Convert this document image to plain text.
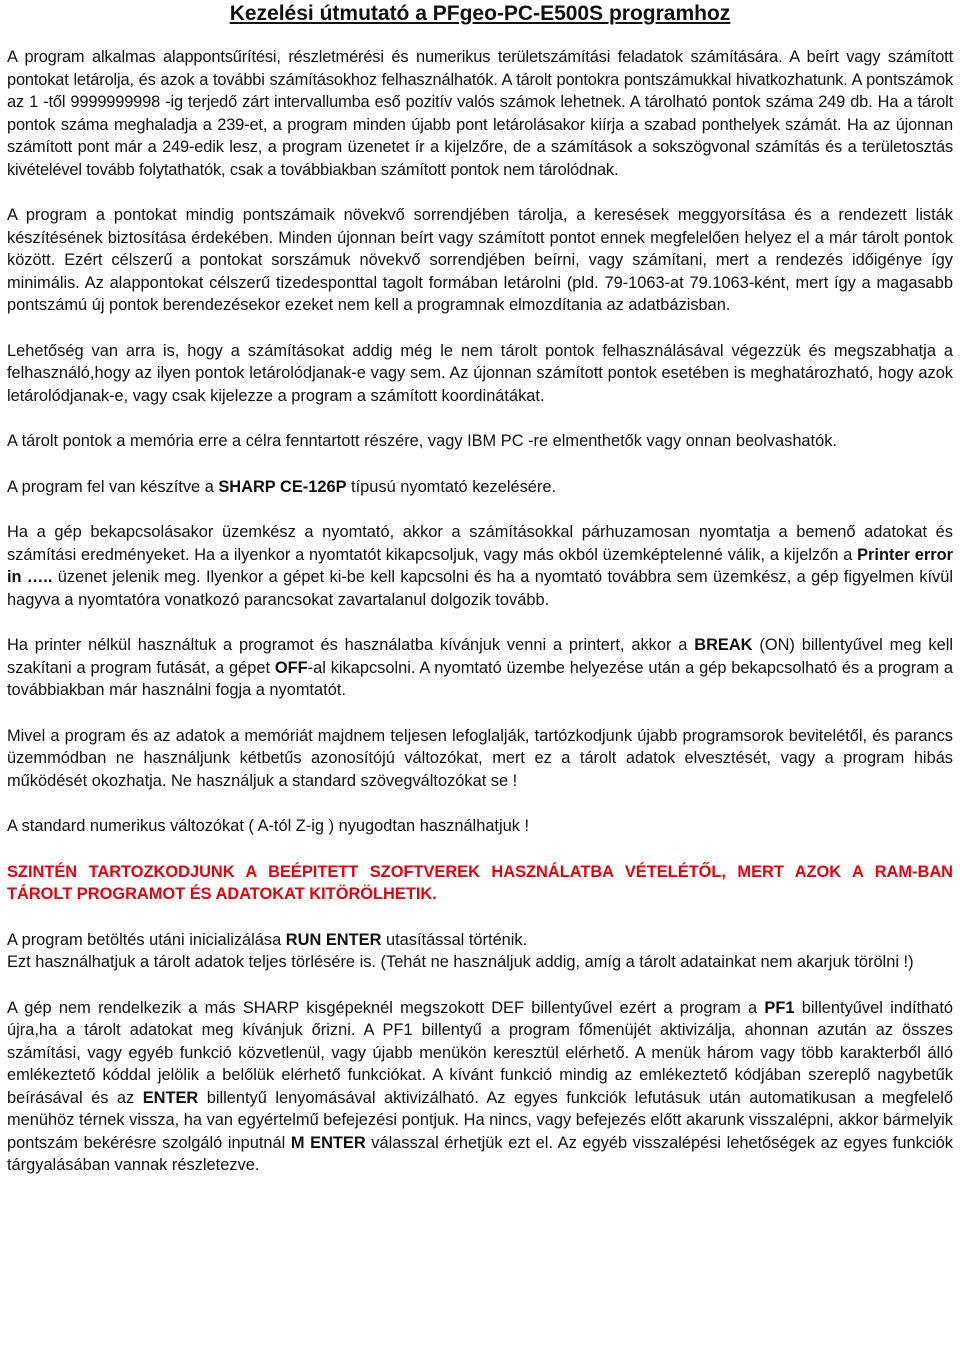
Kezelési útmutató a PFgeo-PC-E500S programhoz
A program alkalmas alappontsűrítési, részletmérési és numerikus területszámítási feladatok számítására. A beírt vagy számított pontokat letárolja, és azok a további számításokhoz felhasználhatók. A tárolt pontokra pontszámukkal hivatkozhatunk. A pontszámok az 1 -től 9999999998 -ig terjedő zárt intervallumba eső pozitív valós számok lehetnek. A tárolható pontok száma 249 db. Ha a tárolt pontok száma meghaladja a 239-et, a program minden újabb pont letárolásakor kiírja a szabad ponthelyek számát. Ha az újonnan számított pont már a 249-edik lesz, a program üzenetet ír a kijelzőre, de a számítások a sokszögvonal számítás és a területosztás kivételével tovább folytathatók, csak a továbbiakban számított pontok nem tárolódnak.
A program a pontokat mindig pontszámaik növekvő sorrendjében tárolja, a keresések meggyorsítása és a rendezett listák készítésének biztosítása érdekében. Minden újonnan beírt vagy számított pontot ennek megfelelően helyez el a már tárolt pontok között. Ezért célszerű a pontokat sorszámuk növekvő sorrendjében beírni, vagy számítani, mert a rendezés időigénye így minimális. Az alappontokat célszerű tizedesponttal tagolt formában letárolni (pld. 79-1063-at 79.1063-ként, mert így a magasabb pontszámú új pontok berendezésekor ezeket nem kell a programnak elmozdítania az adatbázisban.
Lehetőség van arra is, hogy a számításokat addig még le nem tárolt pontok felhasználásával végezzük és megszabhatja a felhasználó,hogy az ilyen pontok letárolódjanak-e vagy sem. Az újonnan számított pontok esetében is meghatározható, hogy azok letárolódjanak-e, vagy csak kijelezze a program a számított koordinátákat.
A tárolt pontok a memória erre a célra fenntartott részére, vagy IBM PC -re elmenthetők vagy onnan beolvashatók.
A program fel van készítve a SHARP CE-126P típusú nyomtató kezelésére.
Ha a gép bekapcsolásakor üzemkész a nyomtató, akkor a számításokkal párhuzamosan nyomtatja a bemenő adatokat és számítási eredményeket. Ha a ilyenkor a nyomtatót kikapcsoljuk, vagy más okból üzemképtelenné válik, a kijelzőn a Printer error in ….. üzenet jelenik meg. Ilyenkor a gépet ki-be kell kapcsolni és ha a nyomtató továbbra sem üzemkész, a gép figyelmen kívül hagyva a nyomtatóra vonatkozó parancsokat zavartalanul dolgozik tovább.
Ha printer nélkül használtuk a programot és használatba kívánjuk venni a printert, akkor a BREAK (ON) billentyűvel meg kell szakítani a program futását, a gépet OFF-al kikapcsolni. A nyomtató üzembe helyezése után a gép bekapcsolható és a program a továbbiakban már használni fogja a nyomtatót.
Mivel a program és az adatok a memóriát majdnem teljesen lefoglalják, tartózkodjunk újabb programsorok bevitelétől, és parancs üzemmódban ne használjunk kétbetűs azonosítójú változókat, mert ez a tárolt adatok elvesztését, vagy a program hibás működését okozhatja. Ne használjuk a standard szövegváltozókat se !
A standard numerikus változókat ( A-tól Z-ig ) nyugodtan használhatjuk !
SZINTÉN TARTOZKODJUNK A BEÉPITETT SZOFTVEREK HASZNÁLATBA VÉTELÉTŐL, MERT AZOK A RAM-BAN TÁROLT PROGRAMOT ÉS ADATOKAT KITÖRÖLHETIK.
A program betöltés utáni inicializálása RUN ENTER utasítással történik.
Ezt használhatjuk a tárolt adatok teljes törlésére is. (Tehát ne használjuk addig, amíg a tárolt adatainkat nem akarjuk törölni !)
A gép nem rendelkezik a más SHARP kisgépeknél megszokott DEF billentyűvel ezért a program a PF1 billentyűvel indítható újra,ha a tárolt adatokat meg kívánjuk őrizni. A PF1 billentyű a program főmenüjét aktivizálja, ahonnan azután az összes számítási, vagy egyéb funkció közvetlenül, vagy újabb menükön keresztül elérhető. A menük három vagy több karakterből álló emlékeztető kóddal jelölik a belőlük elérhető funkciókat. A kívánt funkció mindig az emlékeztető kódjában szereplő nagybetűk beírásával és az ENTER billentyű lenyomásával aktivizálható. Az egyes funkciók lefutásuk után automatikusan a megfelelő menühöz térnek vissza, ha van egyértelmű befejezési pontjuk. Ha nincs, vagy befejezés előtt akarunk visszalépni, akkor bármelyik pontszám bekérésre szolgáló inputnál M ENTER válasszal érhetjük ezt el. Az egyéb visszalépési lehetőségek az egyes funkciók tárgyalásában vannak részletezve.
